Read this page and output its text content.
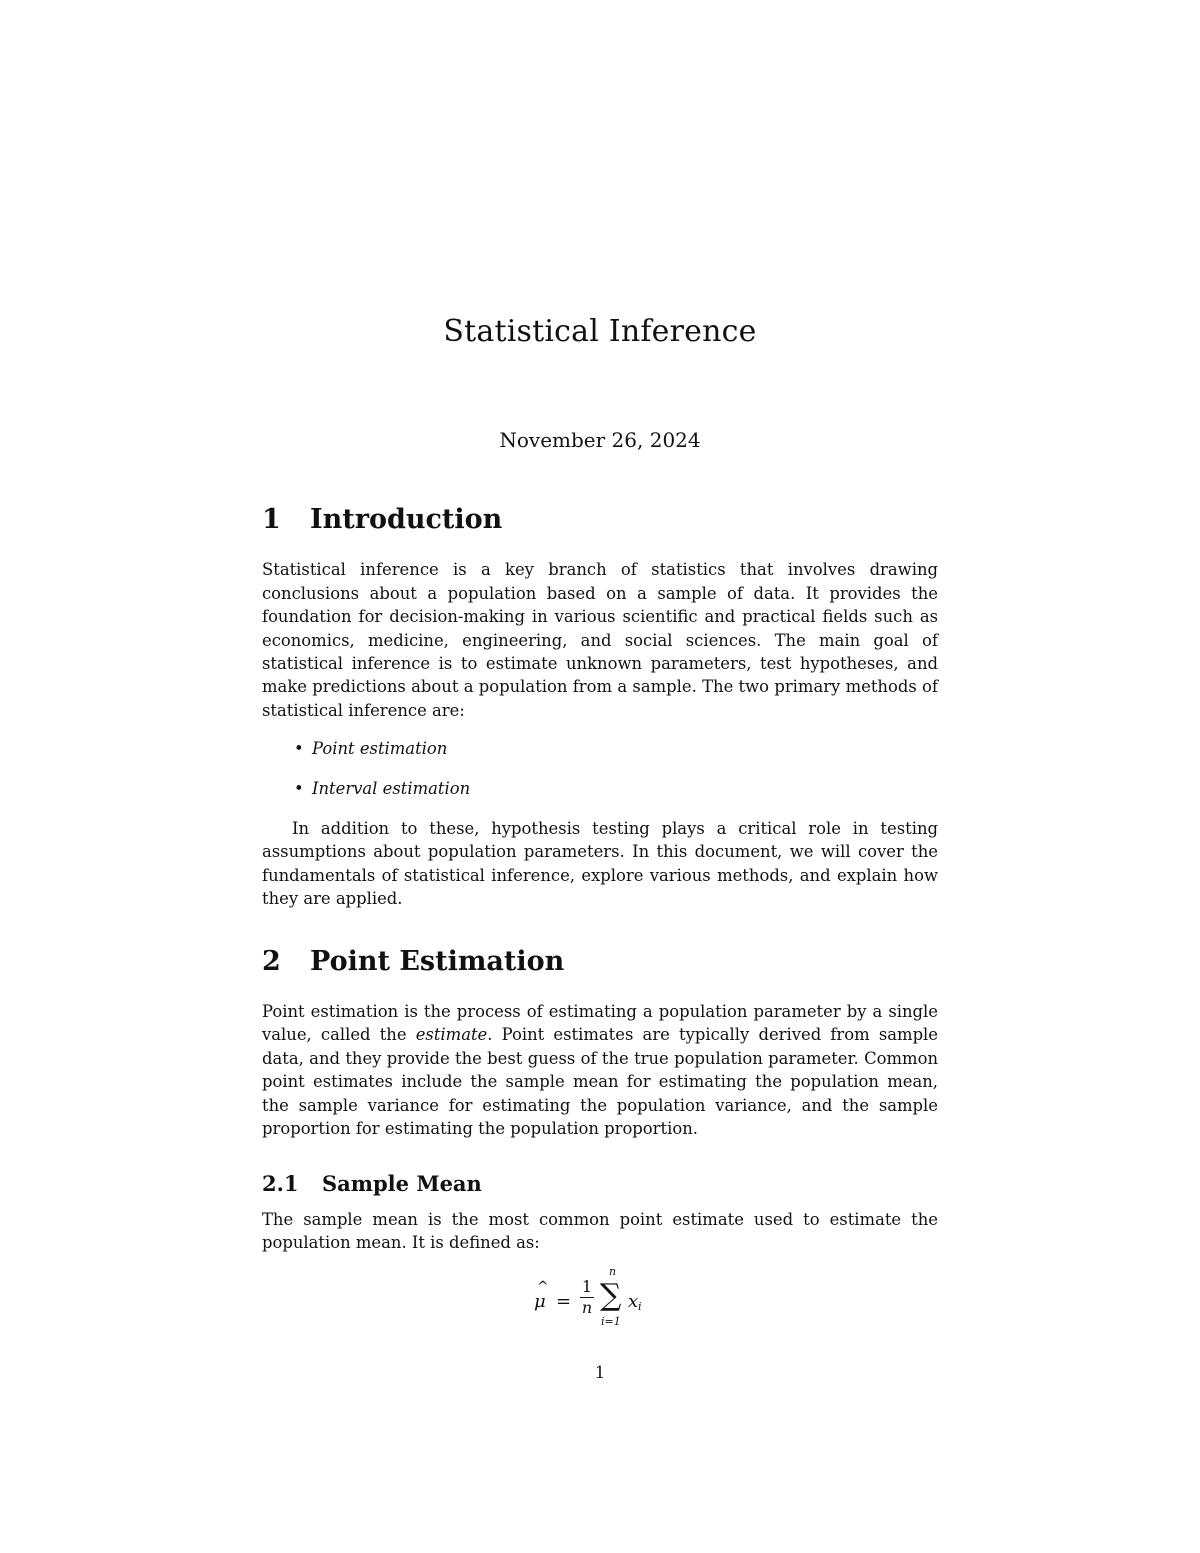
Statistical Inference

November 26, 2024

1	Introduction

Statistical inference is a key branch of statistics that involves drawing conclusions about a population based on a sample of data. It provides the foundation for decision-making in various scientific and practical fields such as economics, medicine, engineering, and social sciences. The main goal of statistical inference is to estimate unknown parameters, test hypotheses, and make predictions about a population from a sample. The two primary methods of statistical inference are:

• Point estimation
• Interval estimation

In addition to these, hypothesis testing plays a critical role in testing assumptions about population parameters. In this document, we will cover the fundamentals of statistical inference, explore various methods, and explain how they are applied.

2	Point Estimation

Point estimation is the process of estimating a population parameter by a single value, called the estimate. Point estimates are typically derived from sample data, and they provide the best guess of the true population parameter. Common point estimates include the sample mean for estimating the population mean, the sample variance for estimating the population variance, and the sample proportion for estimating the population proportion.

2.1	Sample Mean

The sample mean is the most common point estimate used to estimate the population mean. It is defined as:

μ
^
=
1
n
n
∑
i=1
x i

1
